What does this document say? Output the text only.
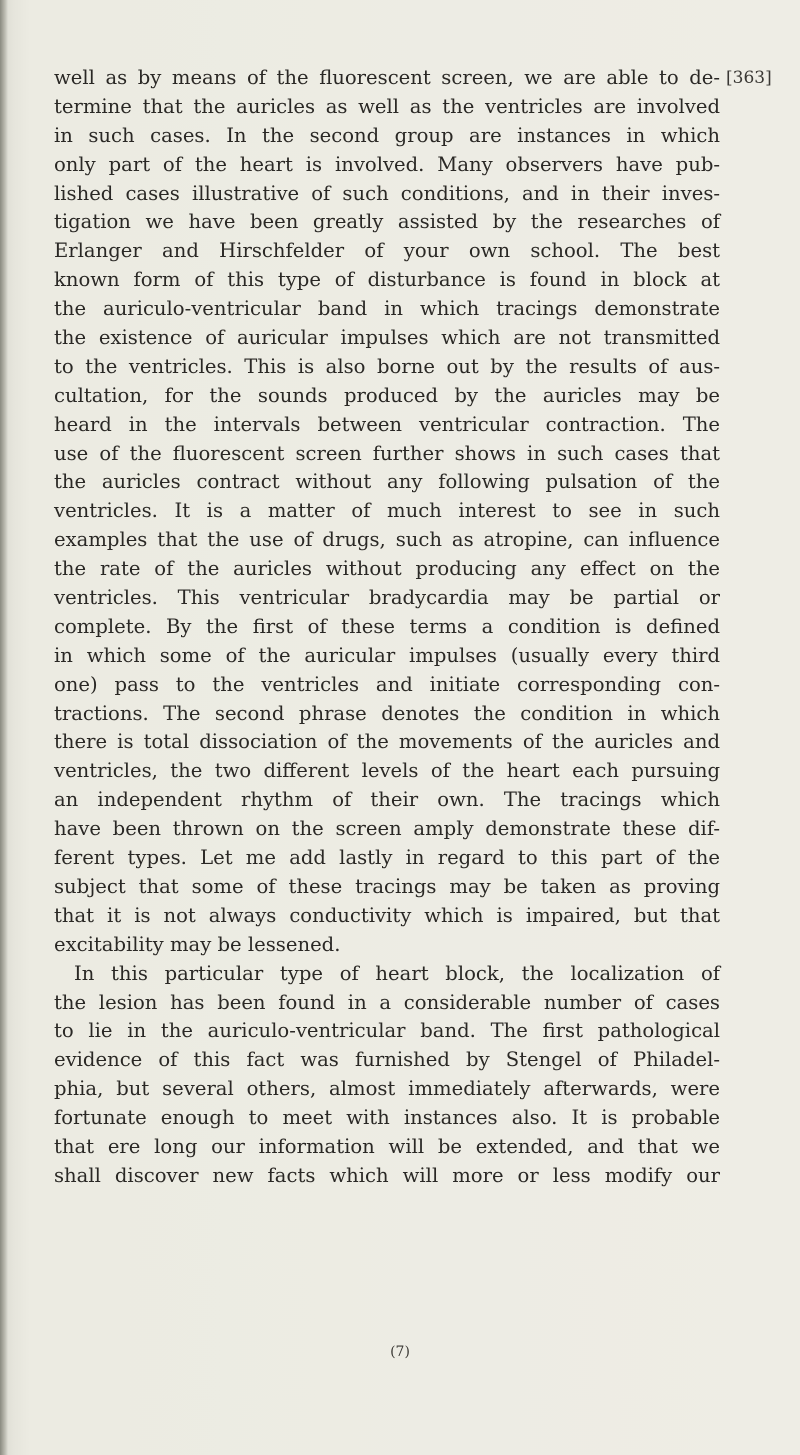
[363]
well as by means of the fluorescent screen, we are able to de-
termine that the auricles as well as the ventricles are involved
in such cases. In the second group are instances in which
only part of the heart is involved. Many observers have pub-
lished cases illustrative of such conditions, and in their inves-
tigation we have been greatly assisted by the researches of
Erlanger and Hirschfelder of your own school. The best
known form of this type of disturbance is found in block at
the auriculo-ventricular band in which tracings demonstrate
the existence of auricular impulses which are not transmitted
to the ventricles. This is also borne out by the results of aus-
cultation, for the sounds produced by the auricles may be
heard in the intervals between ventricular contraction. The
use of the fluorescent screen further shows in such cases that
the auricles contract without any following pulsation of the
ventricles. It is a matter of much interest to see in such
examples that the use of drugs, such as atropine, can influence
the rate of the auricles without producing any effect on the
ventricles. This ventricular bradycardia may be partial or
complete. By the first of these terms a condition is defined
in which some of the auricular impulses (usually every third
one) pass to the ventricles and initiate corresponding con-
tractions. The second phrase denotes the condition in which
there is total dissociation of the movements of the auricles and
ventricles, the two different levels of the heart each pursuing
an independent rhythm of their own. The tracings which
have been thrown on the screen amply demonstrate these dif-
ferent types. Let me add lastly in regard to this part of the
subject that some of these tracings may be taken as proving
that it is not always conductivity which is impaired, but that
excitability may be lessened.
In this particular type of heart block, the localization of
the lesion has been found in a considerable number of cases
to lie in the auriculo-ventricular band. The first pathological
evidence of this fact was furnished by Stengel of Philadel-
phia, but several others, almost immediately afterwards, were
fortunate enough to meet with instances also. It is probable
that ere long our information will be extended, and that we
shall discover new facts which will more or less modify our
(7)
